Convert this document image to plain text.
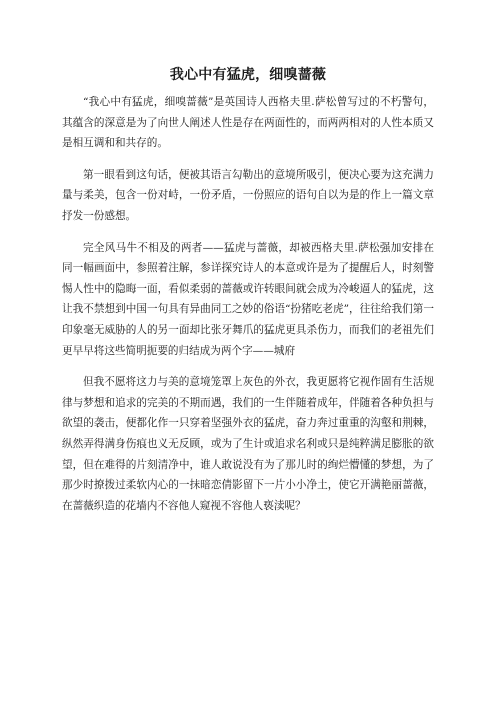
我心中有猛虎，细嗅蔷薇

“我心中有猛虎，细嗅蔷薇”是英国诗人西格夫里.萨松曾写过的不朽警句，其蕴含的深意是为了向世人阐述人性是存在两面性的，而两两相对的人性本质又是相互调和和共存的。

第一眼看到这句话，便被其语言勾勒出的意境所吸引，便决心要为这充满力量与柔美，包含一份对峙，一份矛盾，一份照应的语句自以为是的作上一篇文章抒发一份感想。

完全风马牛不相及的两者——猛虎与蔷薇，却被西格夫里.萨松强加安排在同一幅画面中，参照着注解，参详探究诗人的本意或许是为了提醒后人，时刻警惕人性中的隐晦一面，看似柔弱的蔷薇或许转眼间就会成为冷峻逼人的猛虎，这让我不禁想到中国一句具有异曲同工之妙的俗语“扮猪吃老虎”，往往给我们第一印象毫无威胁的人的另一面却比张牙舞爪的猛虎更具杀伤力，而我们的老祖先们更早早将这些简明扼要的归结成为两个字——城府

但我不愿将这力与美的意境笼罩上灰色的外衣，我更愿将它视作固有生活规律与梦想和追求的完美的不期而遇，我们的一生伴随着成年，伴随着各种负担与欲望的袭击，便都化作一只穿着坚强外衣的猛虎，奋力奔过重重的沟壑和荆棘，纵然弄得满身伤痕也义无反顾，或为了生计或追求名利或只是纯粹满足膨胀的欲望，但在难得的片刻清净中，谁人敢说没有为了那儿时的绚烂懵懂的梦想，为了那少时撩拨过柔软内心的一抹暗恋倩影留下一片小小净土，使它开满艳丽蔷薇，在蔷薇织造的花墙内不容他人窥视不容他人亵渎呢？
